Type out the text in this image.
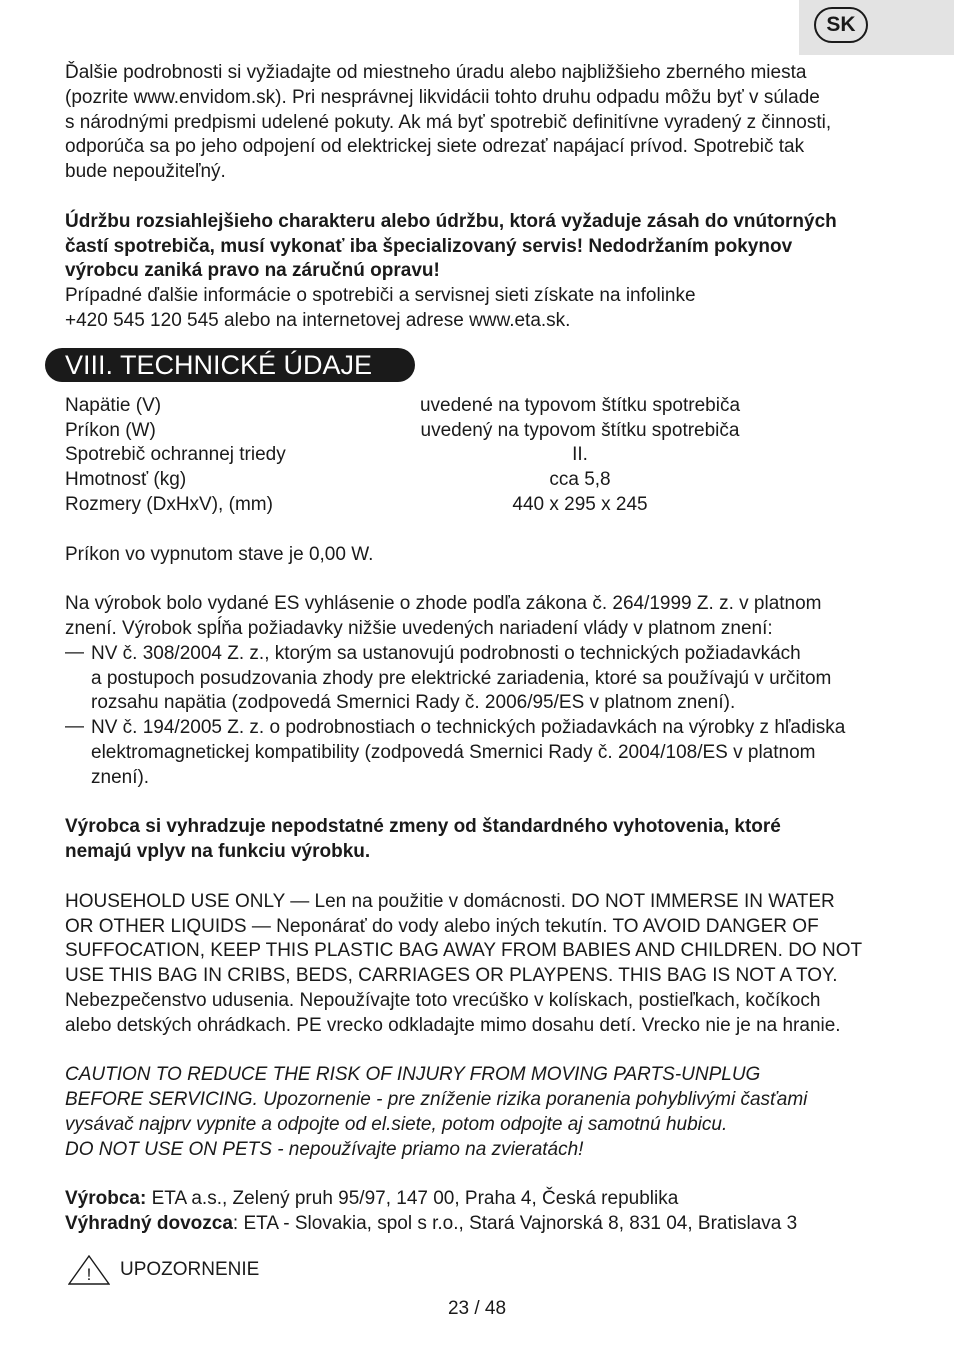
SK

Ďalšie podrobnosti si vyžiadajte od miestneho úradu alebo najbližšieho zberného miesta

(pozrite www.envidom.sk). Pri nesprávnej likvidácii tohto druhu odpadu môžu byť v súlade

s národnými predpismi udelené pokuty. Ak má byť spotrebič definitívne vyradený z činnosti,

odporúča sa po jeho odpojení od elektrickej siete odrezať napájací prívod. Spotrebič tak

bude nepoužiteľný.

Údržbu rozsiahlejšieho charakteru alebo údržbu, ktorá vyžaduje zásah do vnútorných

častí spotrebiča, musí vykonať iba špecializovaný servis! Nedodržaním pokynov

výrobcu zaniká pravo na záručnú opravu!

Prípadné ďalšie informácie o spotrebiči a servisnej sieti získate na infolinke

+420 545 120 545 alebo na internetovej adrese www.eta.sk.

VIII. TECHNICKÉ ÚDAJE
Napätie (V)	uvedené na typovom štítku spotrebiča
Príkon (W)	uvedený na typovom štítku spotrebiča
Spotrebič ochrannej triedy	II.
Hmotnosť (kg)	cca 5,8
Rozmery (DxHxV), (mm)	440 x 295 x 245

Príkon vo vypnutom stave je 0,00 W.

Na výrobok bolo vydané ES vyhlásenie o zhode podľa zákona č. 264/1999 Z. z. v platnom

znení. Výrobok spĺňa požiadavky nižšie uvedených nariadení vlády v platnom znení:

— NV č. 308/2004 Z. z., ktorým sa ustanovujú podrobnosti o technických požiadavkách

a postupoch posudzovania zhody pre elektrické zariadenia, ktoré sa používajú v určitom

rozsahu napätia (zodpovedá Smernici Rady č. 2006/95/ES v platnom znení).

— NV č. 194/2005 Z. z. o podrobnostiach o technických požiadavkách na výrobky z hľadiska

elektromagnetickej kompatibility (zodpovedá Smernici Rady č. 2004/108/ES v platnom

znení).

Výrobca si vyhradzuje nepodstatné zmeny od štandardného vyhotovenia, ktoré

nemajú vplyv na funkciu výrobku.

HOUSEHOLD USE ONLY — Len na použitie v domácnosti. DO NOT IMMERSE IN WATER

OR OTHER LIQUIDS — Neponárať do vody alebo iných tekutín. TO AVOID DANGER OF

SUFFOCATION, KEEP THIS PLASTIC BAG AWAY FROM BABIES AND CHILDREN. DO NOT

USE THIS BAG IN CRIBS, BEDS, CARRIAGES OR PLAYPENS. THIS BAG IS NOT A TOY.

Nebezpečenstvo udusenia. Nepoužívajte toto vrecúško v kolískach, postieľkach, kočíkoch

alebo detských ohrádkach. PE vrecko odkladajte mimo dosahu detí. Vrecko nie je na hranie.

CAUTION TO REDUCE THE RISK OF INJURY FROM MOVING PARTS-UNPLUG

BEFORE SERVICING. Upozornenie - pre zníženie rizika poranenia pohyblivými časťami

vysávač najprv vypnite a odpojte od el.siete, potom odpojte aj samotnú hubicu.

DO NOT USE ON PETS - nepoužívajte priamo na zvieratách!

Výrobca: ETA a.s., Zelený pruh 95/97, 147 00, Praha 4, Česká republika

Výhradný dovozca: ETA - Slovakia, spol s r.o., Stará Vajnorská 8, 831 04, Bratislava 3

! UPOZORNENIE
23 / 48
